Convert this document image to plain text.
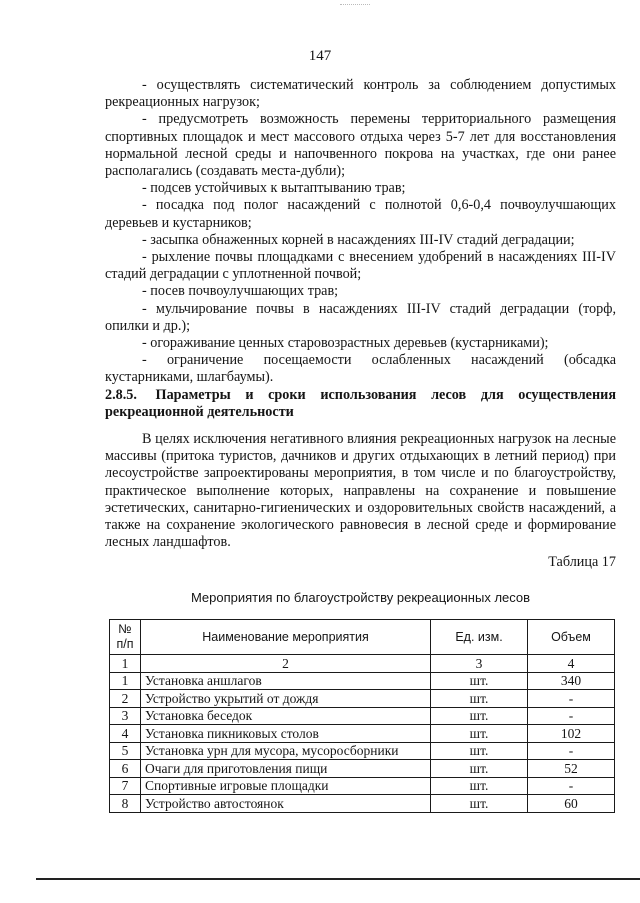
147

- осуществлять систематический контроль за соблюдением допустимых рекреационных нагрузок;

- предусмотреть возможность перемены территориального размещения спортивных площадок и мест массового отдыха через 5-7 лет для восстановления нормальной лесной среды и напочвенного покрова на участках, где они ранее располагались (создавать места-дубли);

- подсев устойчивых к вытаптыванию трав;

- посадка под полог насаждений с полнотой 0,6-0,4 почвоулучшающих деревьев и кустарников;

- засыпка обнаженных корней в насаждениях III-IV стадий деградации;

- рыхление почвы площадками с внесением удобрений в насаждениях III-IV стадий деградации с уплотненной почвой;

- посев почвоулучшающих трав;

- мульчирование почвы в насаждениях III-IV стадий деградации (торф, опилки и др.);

- огораживание ценных старовозрастных деревьев (кустарниками);

- ограничение посещаемости ослабленных насаждений (обсадка кустарниками, шлагбаумы).

2.8.5. Параметры и сроки использования лесов для осуществления рекреационной деятельности

В целях исключения негативного влияния рекреационных нагрузок на лесные массивы (притока туристов, дачников и других отдыхающих в летний период) при лесоустройстве запроектированы мероприятия, в том числе и по благоустройству, практическое выполнение которых, направлены на сохранение и повышение эстетических, санитарно-гигиенических и оздоровительных свойств насаждений, а также на сохранение экологического равновесия в лесной среде и формирование лесных ландшафтов.

Таблица 17

Мероприятия по благоустройству рекреационных лесов
№
п/п	Наименование мероприятия	Ед. изм.	Объем
1	2	3	4
1	Установка аншлагов	шт.	340
2	Устройство укрытий от дождя	шт.	-
3	Установка беседок	шт.	-
4	Установка пикниковых столов	шт.	102
5	Установка урн для мусора, мусоросборники	шт.	-
6	Очаги для приготовления пищи	шт.	52
7	Спортивные игровые площадки	шт.	-
8	Устройство автостоянок	шт.	60
